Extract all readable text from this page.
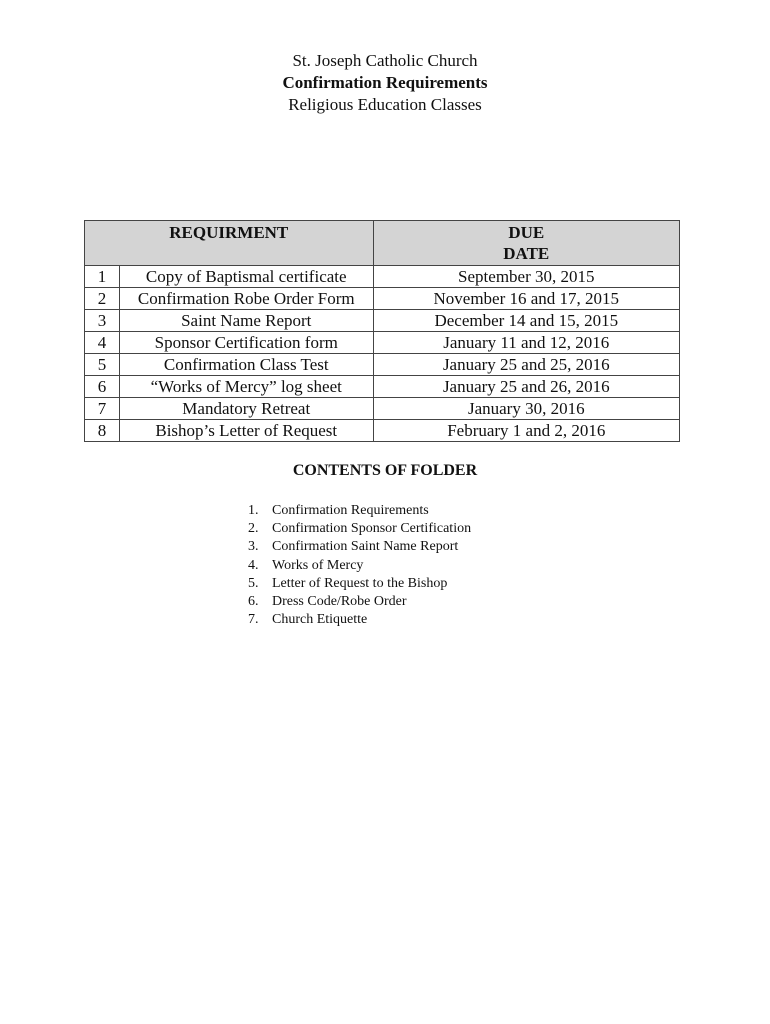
St. Joseph Catholic Church
Confirmation Requirements
Religious Education Classes
REQUIRMENT		DUE
DATE

1	Copy of Baptismal certificate	September 30, 2015
2	Confirmation Robe Order Form	November 16 and 17, 2015
3	Saint Name Report	December 14 and 15, 2015
4	Sponsor Certification form	January 11 and 12, 2016
5	Confirmation Class Test	January 25 and 25, 2016
6	“Works of Mercy” log sheet	January 25 and 26, 2016
7	Mandatory Retreat	January 30, 2016
8	Bishop’s Letter of Request	February 1 and 2, 2016
CONTENTS OF FOLDER
1. Confirmation Requirements
2. Confirmation Sponsor Certification
3. Confirmation Saint Name Report
4. Works of Mercy
5. Letter of Request to the Bishop
6. Dress Code/Robe Order
7. Church Etiquette
